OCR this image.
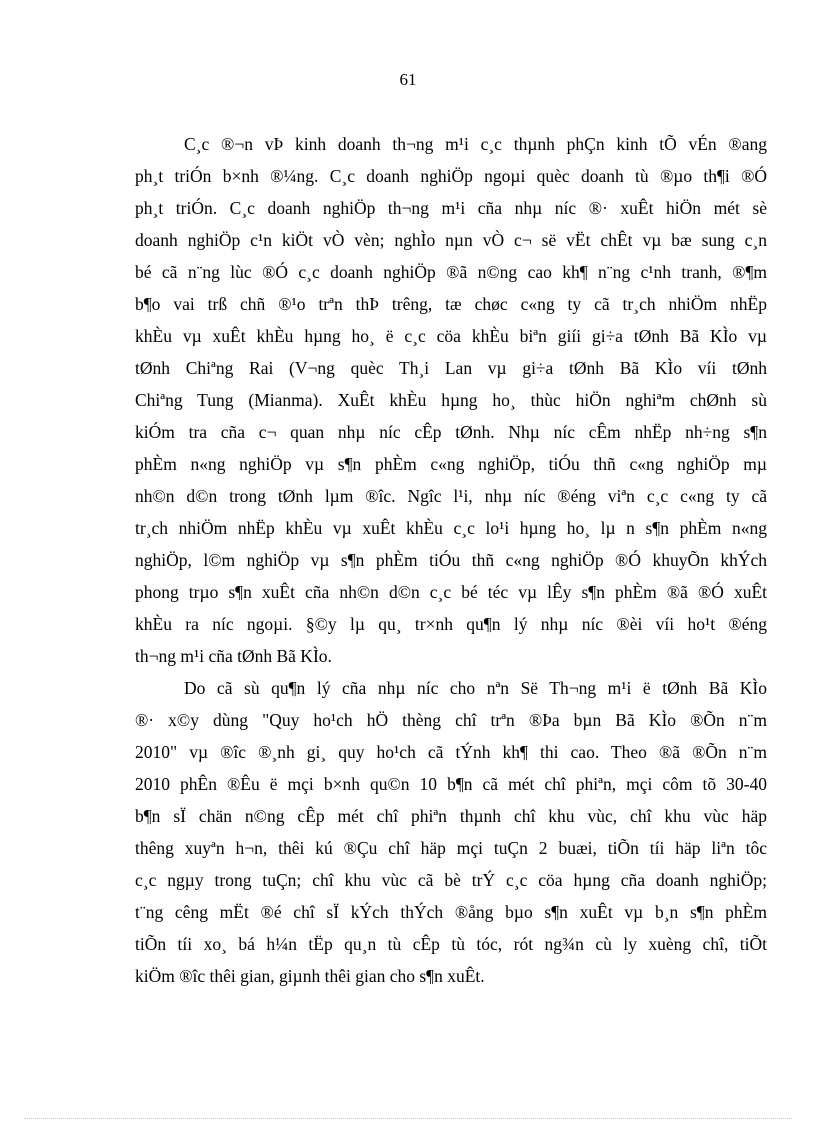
61
C¸c ®¬n vÞ kinh doanh th¬ng m¹i c¸c thµnh phÇn kinh tÕ vÉn ®ang
ph¸t triÓn b×nh ®¼ng. C¸c doanh nghiÖp ngoµi quèc doanh tù ®µo th¶i ®Ó
ph¸t triÓn. C¸c doanh nghiÖp th¬ng m¹i cña nhµ níc ®· xuÊt hiÖn mét sè
doanh nghiÖp c¹n kiÖt vÒ vèn; nghÌo nµn vÒ c¬ së vËt chÊt vµ bæ sung c¸n
bé cã n¨ng lùc ®Ó c¸c doanh nghiÖp ®ã n©ng cao kh¶ n¨ng c¹nh tranh, ®¶m
b¶o vai trß chñ ®¹o trªn thÞ trêng, tæ chøc c«ng ty cã tr¸ch nhiÖm nhËp
khÈu vµ xuÊt khÈu hµng ho¸ ë c¸c cöa khÈu biªn giíi gi÷a tØnh Bã KÌo vµ
tØnh Chiªng Rai (V¬ng quèc Th¸i Lan vµ gi÷a tØnh Bã KÌo víi tØnh
Chiªng Tung (Mianma). XuÊt khÈu hµng ho¸ thùc hiÖn nghiªm chØnh sù
kiÓm tra cña c¬ quan nhµ níc cÊp tØnh. Nhµ níc cÊm nhËp nh÷ng s¶n
phÈm n«ng nghiÖp vµ s¶n phÈm c«ng nghiÖp, tiÓu thñ c«ng nghiÖp mµ
nh©n d©n trong tØnh lµm ®îc. Ngîc l¹i, nhµ níc ®éng viªn c¸c c«ng ty cã
tr¸ch nhiÖm nhËp khÈu vµ xuÊt khÈu c¸c lo¹i hµng ho¸ lµ n s¶n phÈm n«ng
nghiÖp, l©m nghiÖp vµ s¶n phÈm tiÓu thñ c«ng nghiÖp ®Ó khuyÕn khÝch
phong trµo s¶n xuÊt cña nh©n d©n c¸c bé téc vµ lÊy s¶n phÈm ®ã ®Ó xuÊt
khÈu ra níc ngoµi. §©y lµ qu¸ tr×nh qu¶n lý nhµ níc ®èi víi ho¹t ®éng
th¬ng m¹i cña tØnh Bã KÌo.
Do cã sù qu¶n lý cña nhµ níc cho nªn Së Th¬ng m¹i ë tØnh Bã KÌo
®· x©y dùng "Quy ho¹ch hÖ thèng chî trªn ®Þa bµn Bã KÌo ®Õn n¨m
2010" vµ ®îc ®¸nh gi¸ quy ho¹ch cã tÝnh kh¶ thi cao. Theo ®ã ®Õn n¨m
2010 phÊn ®Êu ë mçi b×nh qu©n 10 b¶n cã mét chî phiªn, mçi côm tõ 30-40
b¶n sÏ chän n©ng cÊp mét chî phiªn thµnh chî khu vùc, chî khu vùc häp
thêng xuyªn h¬n, thêi kú ®Çu chî häp mçi tuÇn 2 buæi, tiÕn tíi häp liªn tôc
c¸c ngµy trong tuÇn; chî khu vùc cã bè trÝ c¸c cöa hµng cña doanh nghiÖp;
t¨ng cêng mËt ®é chî sÏ kÝch thÝch ®ång bµo s¶n xuÊt vµ b¸n s¶n phÈm
tiÕn tíi xo¸ bá h¼n tËp qu¸n tù cÊp tù tóc, rót ng¾n cù ly xuèng chî, tiÕt
kiÖm ®îc thêi gian, giµnh thêi gian cho s¶n xuÊt.
